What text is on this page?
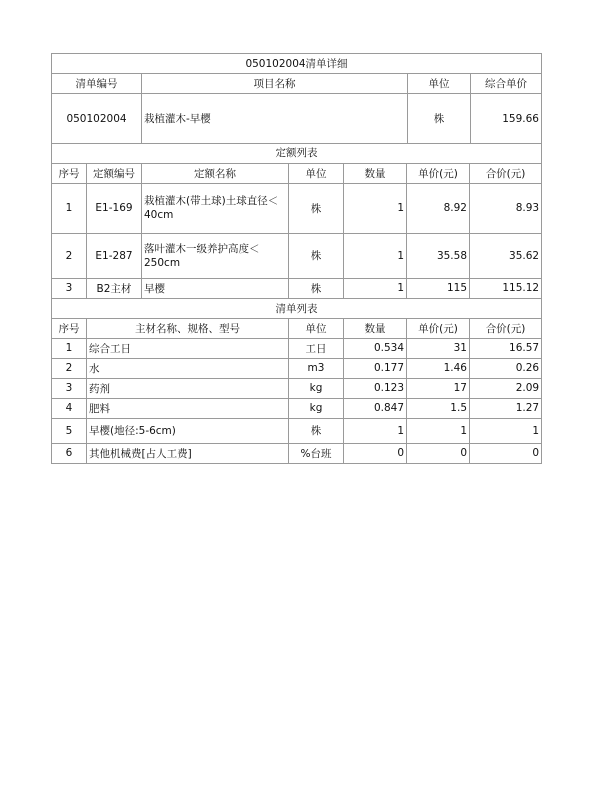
050102004清单详细			
清单编号	项目名称	单位	综合单价
050102004	栽植灌木-早樱	株	159.66
定额列表						
序号	定额编号	定额名称	单位	数量	单价(元)	合价(元)
1	E1-169	栽植灌木(带土球)土球直径＜40cm	株	1	8.92	8.93
2	E1-287	落叶灌木一级养护高度＜250cm	株	1	35.58	35.62
3	B2主材	早樱	株	1	115	115.12
清单列表						
序号	主材名称、规格、型号		单位	数量	单价(元)	合价(元)
1	综合工日		工日	0.534	31	16.57
2	水		m3	0.177	1.46	0.26
3	药剂		kg	0.123	17	2.09
4	肥料		kg	0.847	1.5	1.27
5	早樱(地径:5-6cm)		株	1	1	1
6	其他机械费[占人工费]		%台班	0	0	0
